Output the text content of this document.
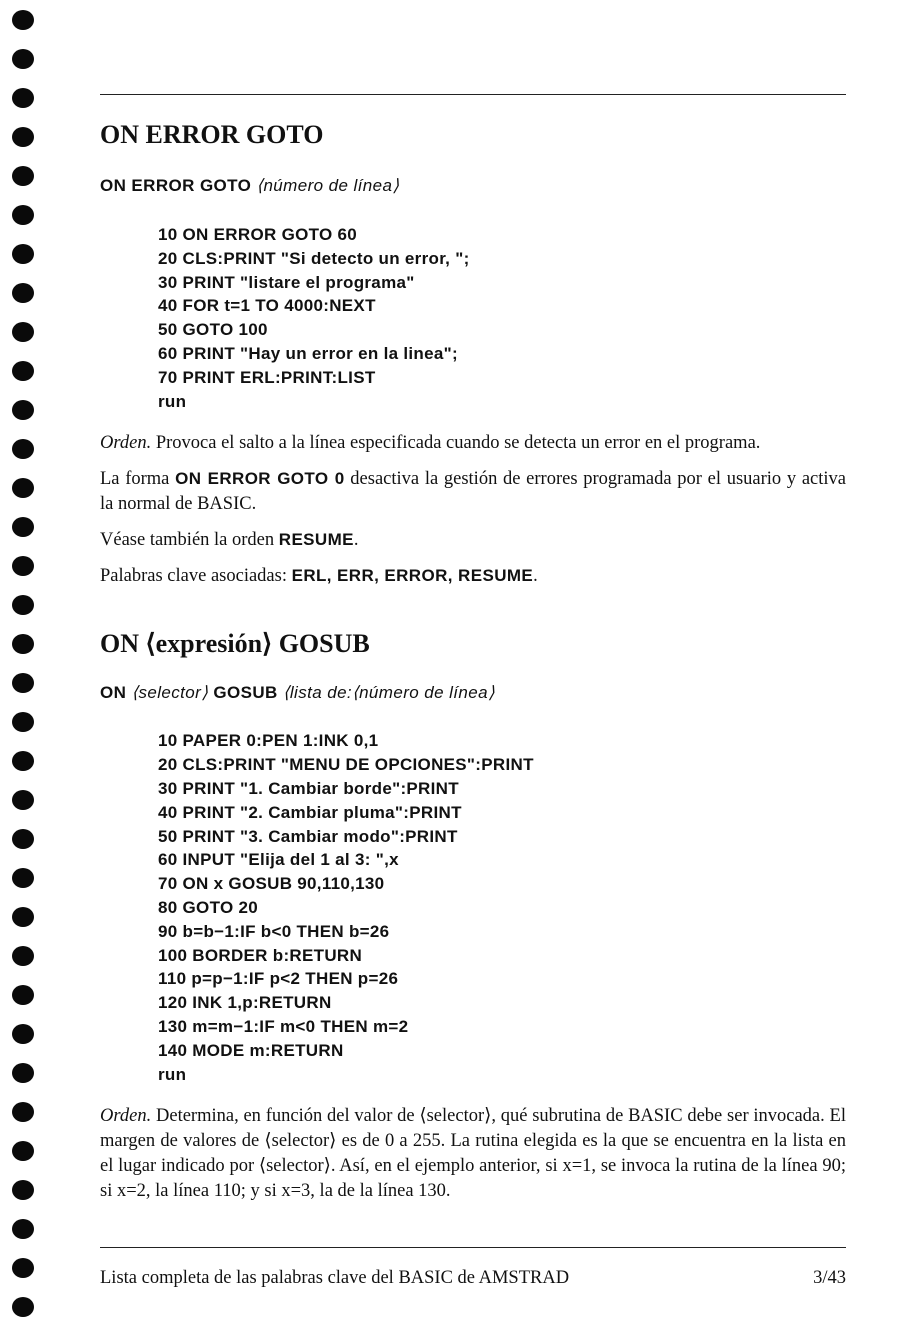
ON ERROR GOTO

ON ERROR GOTO ⟨número de línea⟩

10 ON ERROR GOTO 60
20 CLS:PRINT "Si detecto un error, ";
30 PRINT "listare el programa"
40 FOR t=1 TO 4000:NEXT
50 GOTO 100
60 PRINT "Hay un error en la linea";
70 PRINT ERL:PRINT:LIST
run

Orden. Provoca el salto a la línea especificada cuando se detecta un error en el programa.

La forma ON ERROR GOTO 0 desactiva la gestión de errores programada por el usuario y activa la normal de BASIC.

Véase también la orden RESUME.

Palabras clave asociadas: ERL, ERR, ERROR, RESUME.

ON ⟨expresión⟩ GOSUB

ON ⟨selector⟩ GOSUB ⟨lista de:⟨número de línea⟩

10 PAPER 0:PEN 1:INK 0,1
20 CLS:PRINT "MENU DE OPCIONES":PRINT
30 PRINT "1. Cambiar borde":PRINT
40 PRINT "2. Cambiar pluma":PRINT
50 PRINT "3. Cambiar modo":PRINT
60 INPUT "Elija del 1 al 3: ",x
70 ON x GOSUB 90,110,130
80 GOTO 20
90 b=b−1:IF b<0 THEN b=26
100 BORDER b:RETURN
110 p=p−1:IF p<2 THEN p=26
120 INK 1,p:RETURN
130 m=m−1:IF m<0 THEN m=2
140 MODE m:RETURN
run

Orden. Determina, en función del valor de ⟨selector⟩, qué subrutina de BASIC debe ser invocada. El margen de valores de ⟨selector⟩ es de 0 a 255. La rutina elegida es la que se encuentra en la lista en el lugar indicado por ⟨selector⟩. Así, en el ejemplo anterior, si x=1, se invoca la rutina de la línea 90; si x=2, la línea 110; y si x=3, la de la línea 130.

Lista completa de las palabras clave del BASIC de AMSTRAD	3/43
